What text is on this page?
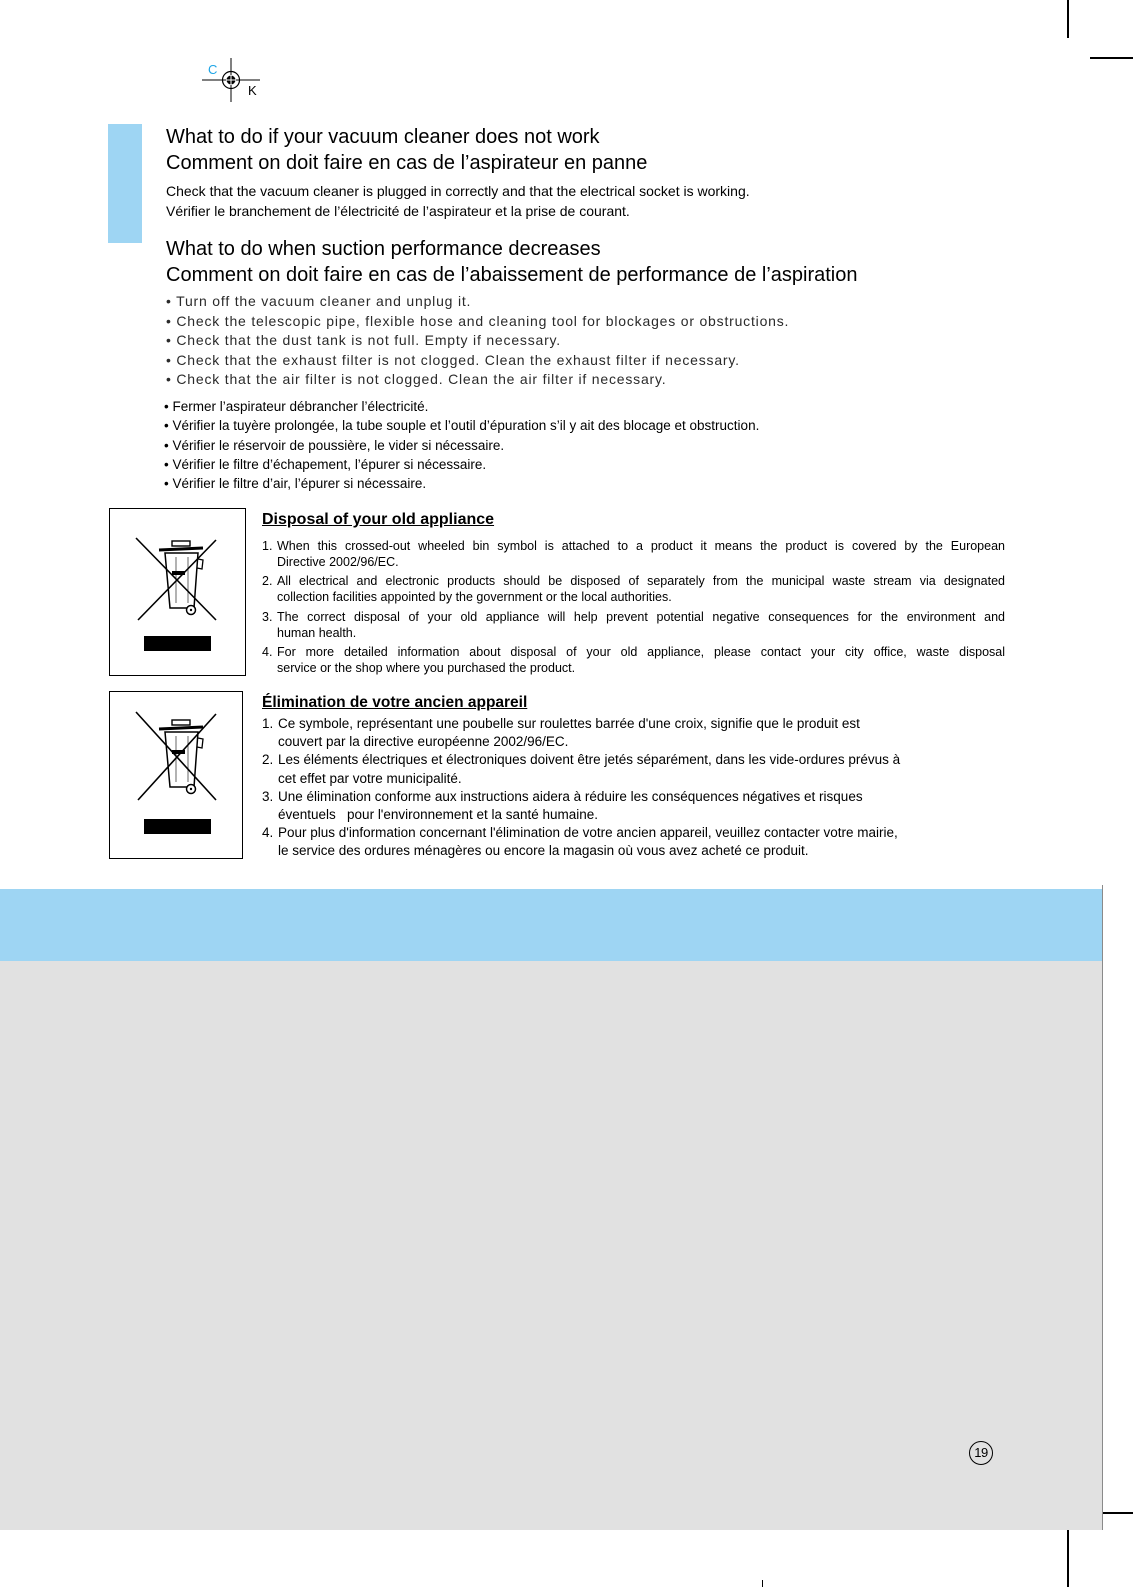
C
K
What to do if your vacuum cleaner does not work
Comment on doit faire en cas de l’aspirateur en panne
Check that the vacuum cleaner is plugged in correctly and that the electrical socket is working.
Vérifier le branchement de l’électricité de l’aspirateur et la prise de courant.
What to do when suction performance decreases
Comment on doit faire en cas de l’abaissement de performance de l’aspiration
• Turn off the vacuum cleaner and unplug it.
• Check the telescopic pipe, flexible hose and cleaning tool for blockages or obstructions.
• Check that the dust tank is not full. Empty if necessary.
• Check that the exhaust filter is not clogged. Clean the exhaust filter if necessary.
• Check that the air filter is not clogged. Clean the air filter if necessary.
• Fermer l’aspirateur débrancher l’électricité.
• Vérifier la tuyère prolongée, la tube souple et l’outil d’épuration s’il y ait des blocage et obstruction.
• Vérifier le réservoir de poussière, le vider si nécessaire.
• Vérifier le filtre d’échapement, l’épurer si nécessaire.
• Vérifier le filtre d’air, l’épurer si nécessaire.
Disposal of your old appliance
1. When this crossed-out wheeled bin symbol is attached to a product it means the product is covered by the European
Directive 2002/96/EC.
2. All electrical and electronic products should be disposed of separately from the municipal waste stream via designated
collection facilities appointed by the government or the local authorities.
3. The correct disposal of your old appliance will help prevent potential negative consequences for the environment and
human health.
4. For more detailed information about disposal of your old appliance, please contact your city office, waste disposal
service or the shop where you purchased the product.
Élimination de votre ancien appareil
1. Ce symbole, représentant une poubelle sur roulettes barrée d'une croix, signifie que le produit est
couvert par la directive européenne 2002/96/EC.
2. Les éléments électriques et électroniques doivent être jetés séparément, dans les vide-ordures prévus à
cet effet par votre municipalité.
3. Une élimination conforme aux instructions aidera à réduire les conséquences négatives et risques
éventuels   pour l'environnement et la santé humaine.
4. Pour plus d'information concernant l'élimination de votre ancien appareil, veuillez contacter votre mairie,
le service des ordures ménagères ou encore la magasin où vous avez acheté ce produit.
19
